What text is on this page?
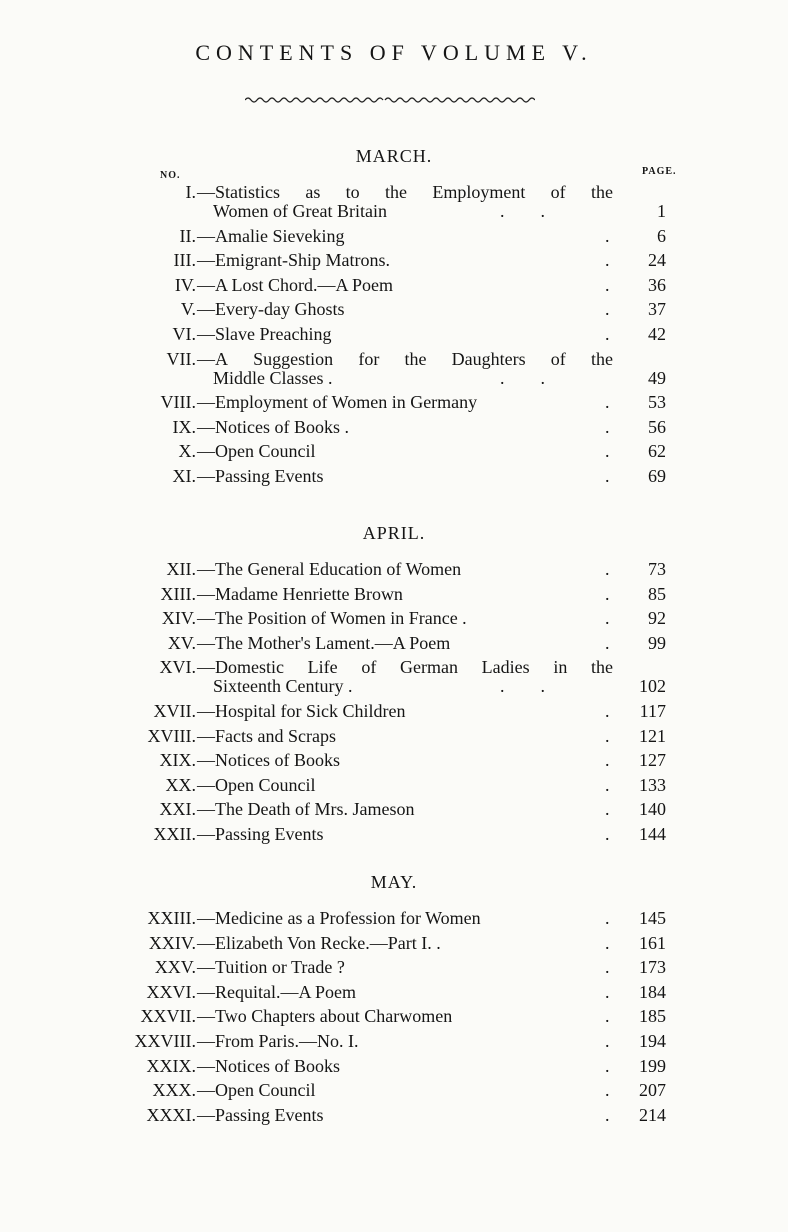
CONTENTS OF VOLUME V.
NO.	PAGE.
MARCH.
I. —Statistics as to the Employment of the
Women of Great Britain	.        .	1
II. —Amalie Sieveking	.	6
III. —Emigrant-Ship Matrons.	.	24
IV. —A Lost Chord.—A Poem	.	36
V. —Every-day Ghosts	.	37
VI. —Slave Preaching	.	42
VII. —A Suggestion for the Daughters of the
Middle Classes .	.        .	49
VIII. —Employment of Women in Germany	.	53
IX. —Notices of Books .	.	56
X. —Open Council	.	62
XI. —Passing Events	.	69
APRIL.
XII. —The General Education of Women	.	73
XIII. —Madame Henriette Brown	.	85
XIV. —The Position of Women in France .	.	92
XV. —The Mother's Lament.—A Poem	.	99
XVI. —Domestic Life of German Ladies in the
Sixteenth Century .	.        .	102
XVII. —Hospital for Sick Children	.	117
XVIII. —Facts and Scraps	.	121
XIX. —Notices of Books	.	127
XX. —Open Council	.	133
XXI. —The Death of Mrs. Jameson	.	140
XXII. —Passing Events	.	144
MAY.
XXIII. —Medicine as a Profession for Women	.	145
XXIV. —Elizabeth Von Recke.—Part I. .	.	161
XXV. —Tuition or Trade ?	.	173
XXVI. —Requital.—A Poem	.	184
XXVII. —Two Chapters about Charwomen	.	185
XXVIII. —From Paris.—No. I.	.	194
XXIX. —Notices of Books	.	199
XXX. —Open Council	.	207
XXXI. —Passing Events	.	214
